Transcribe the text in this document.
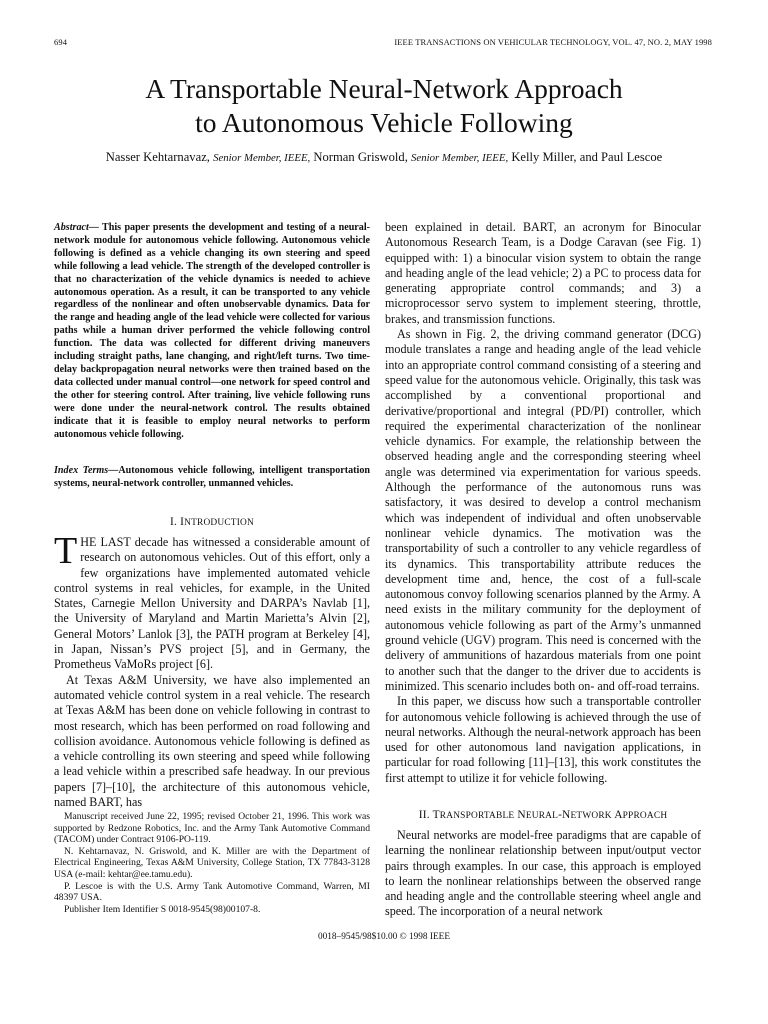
694	IEEE TRANSACTIONS ON VEHICULAR TECHNOLOGY, VOL. 47, NO. 2, MAY 1998
A Transportable Neural-Network Approach
to Autonomous Vehicle Following
Nasser Kehtarnavaz, Senior Member, IEEE, Norman Griswold, Senior Member, IEEE, Kelly Miller, and Paul Lescoe
Abstract— This paper presents the development and testing of a neural-network module for autonomous vehicle following. Autonomous vehicle following is defined as a vehicle changing its own steering and speed while following a lead vehicle. The strength of the developed controller is that no characterization of the vehicle dynamics is needed to achieve autonomous operation. As a result, it can be transported to any vehicle regardless of the nonlinear and often unobservable dynamics. Data for the range and heading angle of the lead vehicle were collected for various paths while a human driver performed the vehicle following control function. The data was collected for different driving maneuvers including straight paths, lane changing, and right/left turns. Two time-delay backpropagation neural networks were then trained based on the data collected under manual control—one network for speed control and the other for steering control. After training, live vehicle following runs were done under the neural-network control. The results obtained indicate that it is feasible to employ neural networks to perform autonomous vehicle following.
Index Terms—Autonomous vehicle following, intelligent transportation systems, neural-network controller, unmanned vehicles.
I. INTRODUCTION

THE LAST decade has witnessed a considerable amount of research on autonomous vehicles. Out of this effort, only a few organizations have implemented automated vehicle control systems in real vehicles, for example, in the United States, Carnegie Mellon University and DARPA’s Navlab [1], the University of Maryland and Martin Marietta’s Alvin [2], General Motors’ Lanlok [3], the PATH program at Berkeley [4], in Japan, Nissan’s PVS project [5], and in Germany, the Prometheus VaMoRs project [6].

At Texas A&M University, we have also implemented an automated vehicle control system in a real vehicle. The research at Texas A&M has been done on vehicle following in contrast to most research, which has been performed on road following and collision avoidance. Autonomous vehicle following is defined as a vehicle controlling its own steering and speed while following a lead vehicle within a prescribed safe headway. In our previous papers [7]–[10], the architecture of this autonomous vehicle, named BART, has

Manuscript received June 22, 1995; revised October 21, 1996. This work was supported by Redzone Robotics, Inc. and the Army Tank Automotive Command (TACOM) under Contract 9106-PO-119.

N. Kehtarnavaz, N. Griswold, and K. Miller are with the Department of Electrical Engineering, Texas A&M University, College Station, TX 77843-3128 USA (e-mail: kehtar@ee.tamu.edu).

P. Lescoe is with the U.S. Army Tank Automotive Command, Warren, MI 48397 USA.

Publisher Item Identifier S 0018-9545(98)00107-8.

been explained in detail. BART, an acronym for Binocular Autonomous Research Team, is a Dodge Caravan (see Fig. 1) equipped with: 1) a binocular vision system to obtain the range and heading angle of the lead vehicle; 2) a PC to process data for generating appropriate control commands; and 3) a microprocessor servo system to implement steering, throttle, brakes, and transmission functions.

As shown in Fig. 2, the driving command generator (DCG) module translates a range and heading angle of the lead vehicle into an appropriate control command consisting of a steering and speed value for the autonomous vehicle. Originally, this task was accomplished by a conventional proportional and derivative/proportional and integral (PD/PI) controller, which required the experimental characterization of the nonlinear vehicle dynamics. For example, the relationship between the observed heading angle and the corresponding steering wheel angle was determined via experimentation for various speeds. Although the performance of the autonomous runs was satisfactory, it was desired to develop a control mechanism which was independent of individual and often unobservable nonlinear vehicle dynamics. The motivation was the transportability of such a controller to any vehicle regardless of its dynamics. This transportability attribute reduces the development time and, hence, the cost of a full-scale autonomous convoy following scenarios planned by the Army. A need exists in the military community for the deployment of autonomous vehicle following as part of the Army’s unmanned ground vehicle (UGV) program. This need is concerned with the delivery of ammunitions of hazardous materials from one point to another such that the danger to the driver due to accidents is minimized. This scenario includes both on- and off-road terrains.

In this paper, we discuss how such a transportable controller for autonomous vehicle following is achieved through the use of neural networks. Although the neural-network approach has been used for other autonomous land navigation applications, in particular for road following [11]–[13], this work constitutes the first attempt to utilize it for vehicle following.

II. TRANSPORTABLE NEURAL-NETWORK APPROACH

Neural networks are model-free paradigms that are capable of learning the nonlinear relationship between input/output vector pairs through examples. In our case, this approach is employed to learn the nonlinear relationships between the observed range and heading angle and the controllable steering wheel angle and speed. The incorporation of a neural network

0018–9545/98$10.00 © 1998 IEEE
